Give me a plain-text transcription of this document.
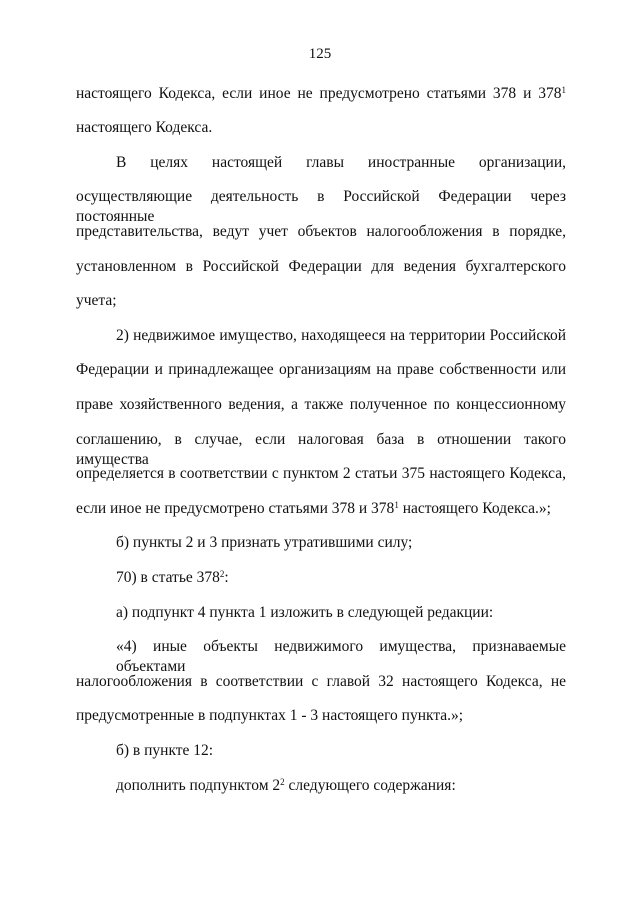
125
настоящего Кодекса, если иное не предусмотрено статьями 378 и $378^1$
настоящего Кодекса.
В целях настоящей главы иностранные организации,
осуществляющие деятельность в Российской Федерации через постоянные
представительства, ведут учет объектов налогообложения в порядке,
установленном в Российской Федерации для ведения бухгалтерского
учета;
2) недвижимое имущество, находящееся на территории Российской
Федерации и принадлежащее организациям на праве собственности или
праве хозяйственного ведения, а также полученное по концессионному
соглашению, в случае, если налоговая база в отношении такого имущества
определяется в соответствии с пунктом 2 статьи 375 настоящего Кодекса,
если иное не предусмотрено статьями 378 и $378^1$ настоящего Кодекса.»;
б) пункты 2 и 3 признать утратившими силу;
70) в статье $378^2$:
а) подпункт 4 пункта 1 изложить в следующей редакции:
«4) иные объекты недвижимого имущества, признаваемые объектами
налогообложения в соответствии с главой 32 настоящего Кодекса, не
предусмотренные в подпунктах 1 - 3 настоящего пункта.»;
б) в пункте 12:
дополнить подпунктом $2^2$ следующего содержания:
